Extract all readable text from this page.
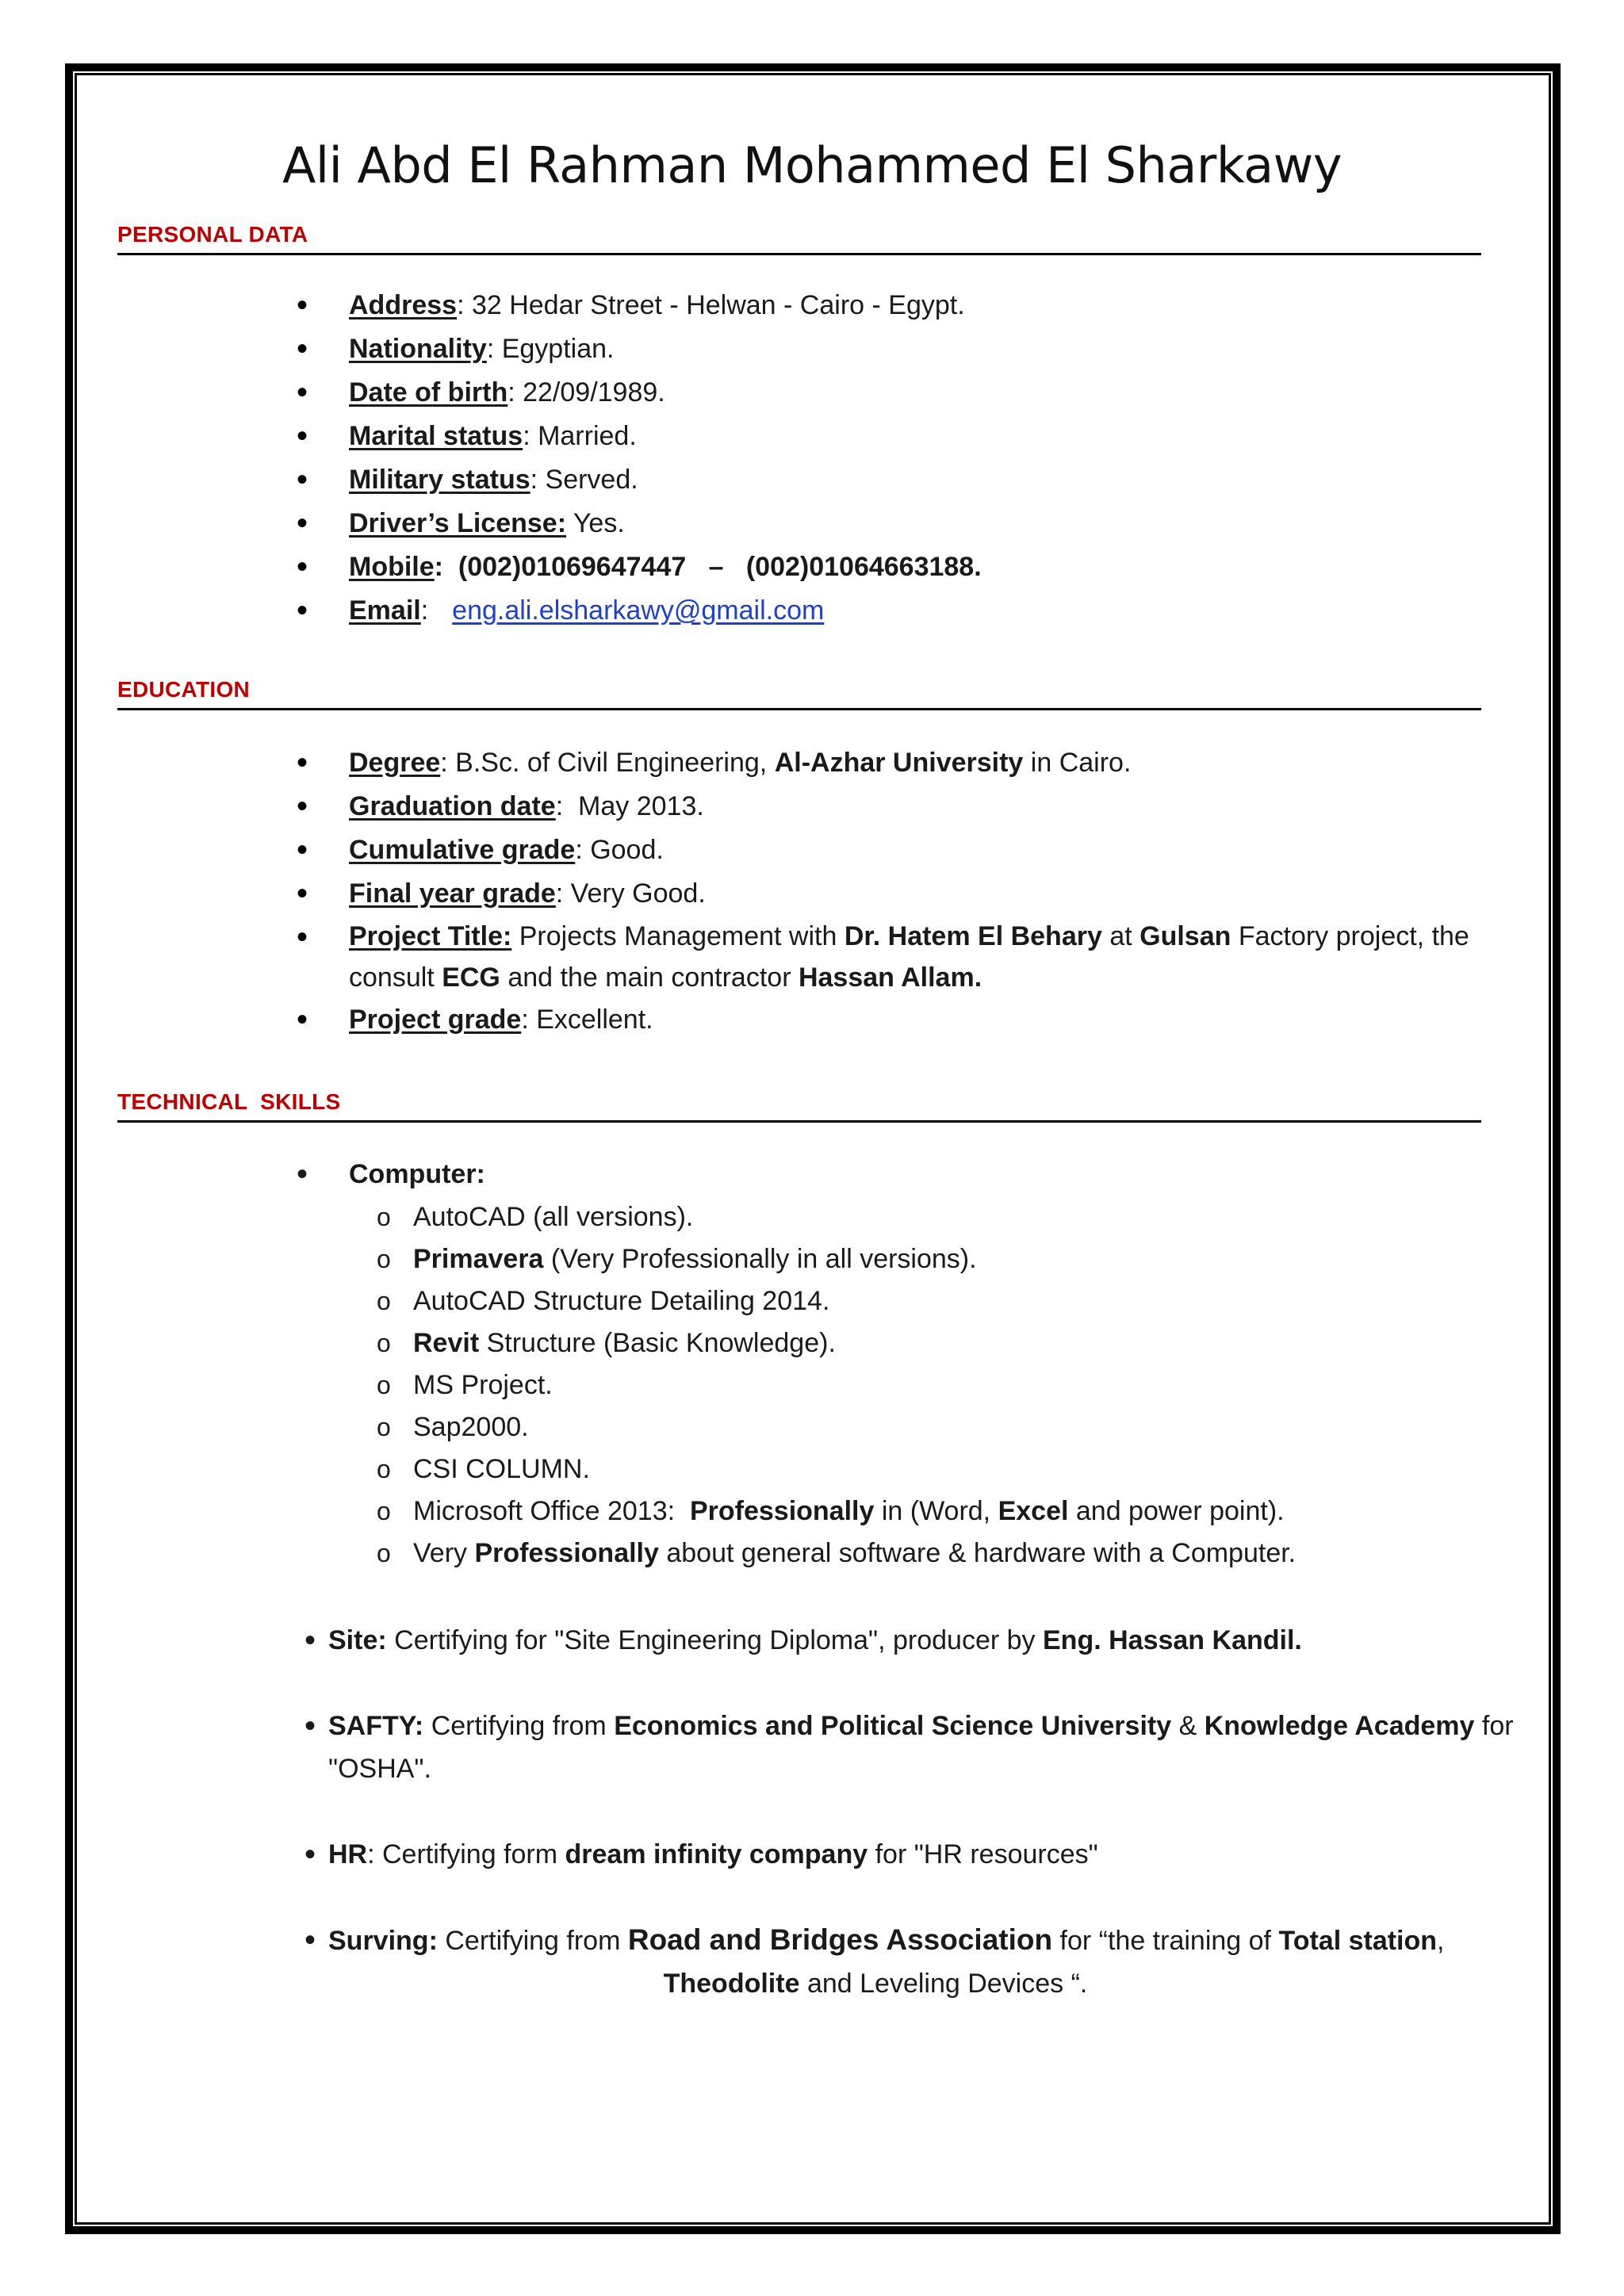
Ali Abd El Rahman Mohammed El Sharkawy
PERSONAL DATA
• Address: 32 Hedar Street - Helwan - Cairo - Egypt.
• Nationality: Egyptian.
• Date of birth: 22/09/1989.
• Marital status: Married.
• Military status: Served.
• Driver’s License: Yes.
• Mobile:  (002)01069647447   –   (002)01064663188.
• Email: eng.ali.elsharkawy@gmail.com
EDUCATION
• Degree: B.Sc. of Civil Engineering, Al-Azhar University in Cairo.
• Graduation date:  May 2013.
• Cumulative grade: Good.
• Final year grade: Very Good.
• Project Title: Projects Management with Dr. Hatem El Behary at Gulsan Factory project, the consult ECG and the main contractor Hassan Allam.
• Project grade: Excellent.
TECHNICAL  SKILLS
• Computer:
o AutoCAD (all versions).
o Primavera (Very Professionally in all versions).
o AutoCAD Structure Detailing 2014.
o Revit Structure (Basic Knowledge).
o MS Project.
o Sap2000.
o CSI COLUMN.
o Microsoft Office 2013:  Professionally in (Word, Excel and power point).
o Very Professionally about general software & hardware with a Computer.
• Site: Certifying for "Site Engineering Diploma", producer by Eng. Hassan Kandil.
• SAFTY: Certifying from Economics and Political Science University & Knowledge Academy for "OSHA".
• HR: Certifying form dream infinity company for "HR resources"
• Surving: Certifying from Road and Bridges Association for “the training of Total station,
Theodolite and Leveling Devices “.
